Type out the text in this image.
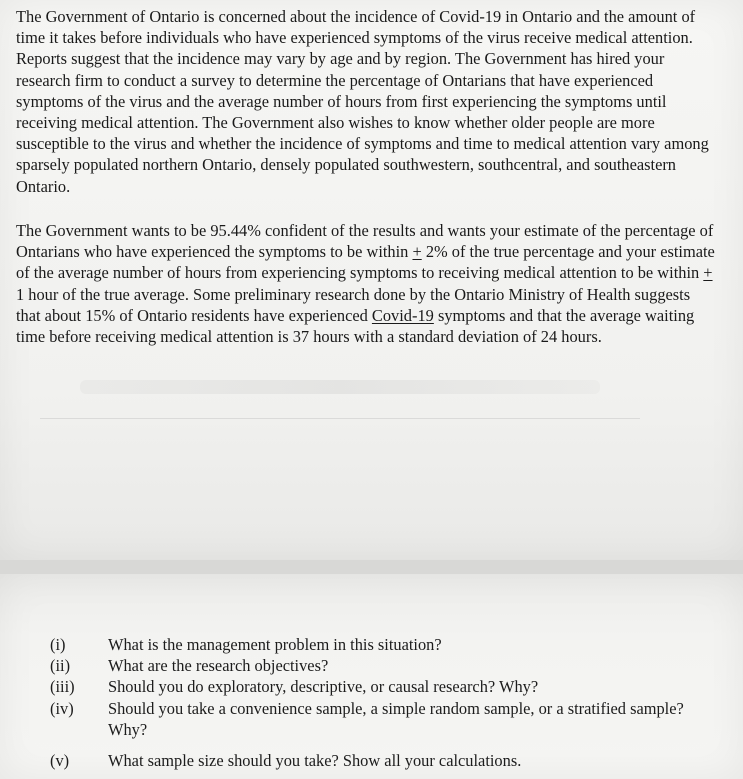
The Government of Ontario is concerned about the incidence of Covid-19 in Ontario and the amount of time it takes before individuals who have experienced symptoms of the virus receive medical attention. Reports suggest that the incidence may vary by age and by region. The Government has hired your research firm to conduct a survey to determine the percentage of Ontarians that have experienced symptoms of the virus and the average number of hours from first experiencing the symptoms until receiving medical attention. The Government also wishes to know whether older people are more susceptible to the virus and whether the incidence of symptoms and time to medical attention vary among sparsely populated northern Ontario, densely populated southwestern, southcentral, and southeastern Ontario.

The Government wants to be 95.44% confident of the results and wants your estimate of the percentage of Ontarians who have experienced the symptoms to be within + 2% of the true percentage and your estimate of the average number of hours from experiencing symptoms to receiving medical attention to be within + 1 hour of the true average. Some preliminary research done by the Ontario Ministry of Health suggests that about 15% of Ontario residents have experienced Covid-19 symptoms and that the average waiting time before receiving medical attention is 37 hours with a standard deviation of 24 hours.

(i)	What is the management problem in this situation?
(ii)	What are the research objectives?
(iii)	Should you do exploratory, descriptive, or causal research? Why?
(iv)	Should you take a convenience sample, a simple random sample, or a stratified sample? Why?
(v)	What sample size should you take? Show all your calculations.
